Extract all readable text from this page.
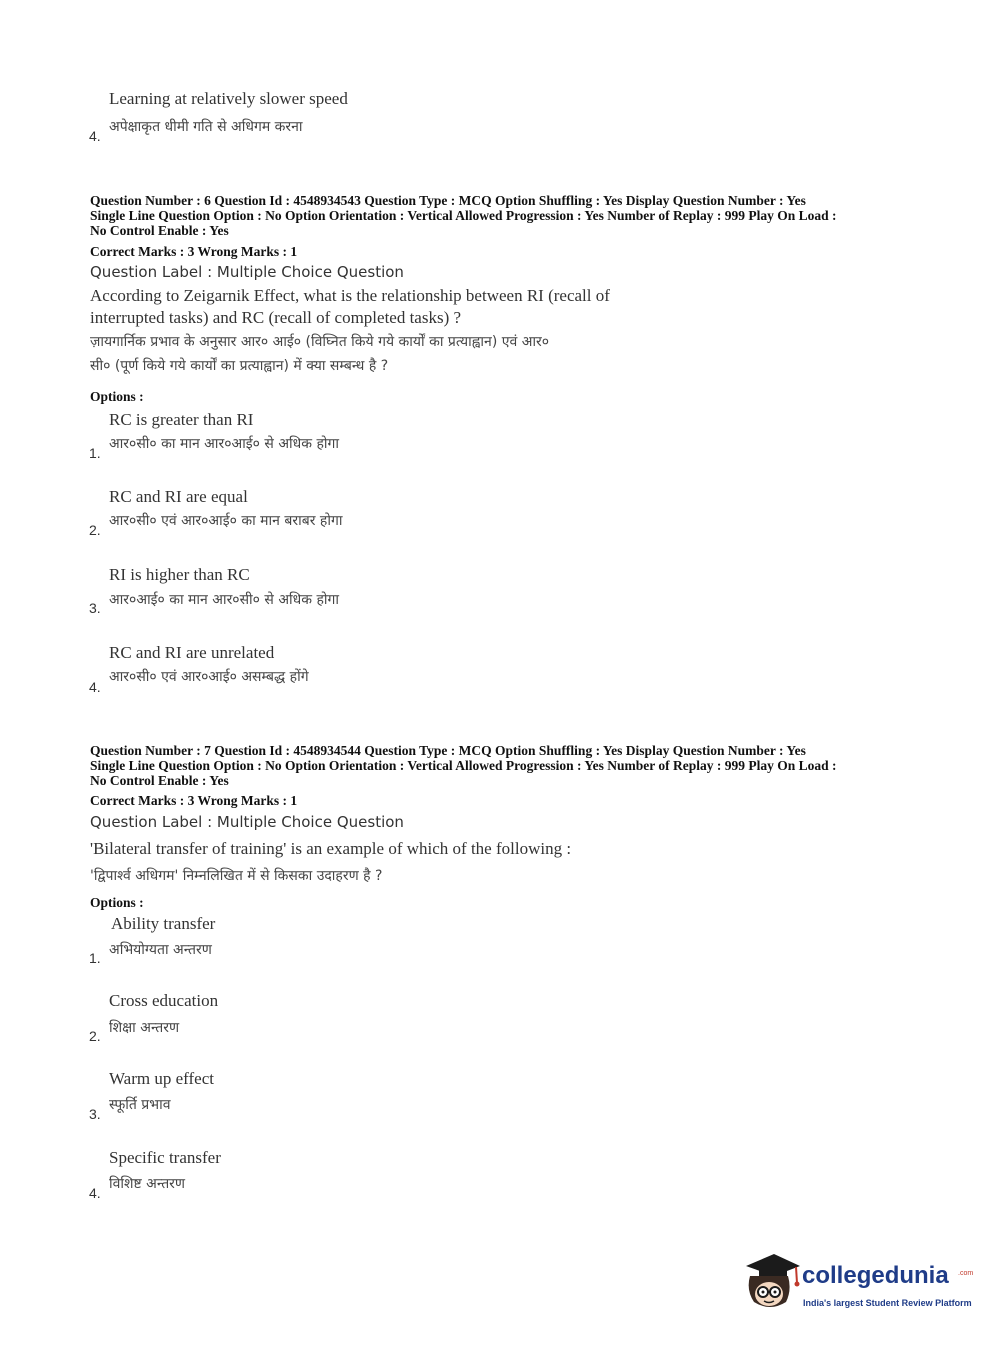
Learning at relatively slower speed
अपेक्षाकृत धीमी गति से अधिगम करना
4.
Question Number : 6 Question Id : 4548934543 Question Type : MCQ Option Shuffling : Yes Display Question Number : Yes
Single Line Question Option : No Option Orientation : Vertical Allowed Progression : Yes Number of Replay : 999 Play On Load :
No Control Enable : Yes
Correct Marks : 3 Wrong Marks : 1
Question Label : Multiple Choice Question
According to Zeigarnik Effect, what is the relationship between RI (recall of
interrupted tasks) and RC (recall of completed tasks) ?
ज़ायगार्निक प्रभाव के अनुसार आर० आई० (विघ्नित किये गये कार्यों का प्रत्याह्वान) एवं आर०
सी० (पूर्ण किये गये कार्यों का प्रत्याह्वान) में क्या सम्बन्ध है ?
Options :
RC is greater than RI
आर०सी० का मान आर०आई० से अधिक होगा
1.
RC and RI are equal
आर०सी० एवं आर०आई० का मान बराबर होगा
2.
RI is higher than RC
आर०आई० का मान आर०सी० से अधिक होगा
3.
RC and RI are unrelated
आर०सी० एवं आर०आई० असम्बद्ध होंगे
4.
Question Number : 7 Question Id : 4548934544 Question Type : MCQ Option Shuffling : Yes Display Question Number : Yes
Single Line Question Option : No Option Orientation : Vertical Allowed Progression : Yes Number of Replay : 999 Play On Load :
No Control Enable : Yes
Correct Marks : 3 Wrong Marks : 1
Question Label : Multiple Choice Question
'Bilateral transfer of training' is an example of which of the following :
'द्विपार्श्व अधिगम' निम्नलिखित में से किसका उदाहरण है ?
Options :
Ability transfer
अभियोग्यता अन्तरण
1.
Cross education
शिक्षा अन्तरण
2.
Warm up effect
स्फूर्ति प्रभाव
3.
Specific transfer
विशिष्ट अन्तरण
4.
collegedunia .com
India's largest Student Review Platform
